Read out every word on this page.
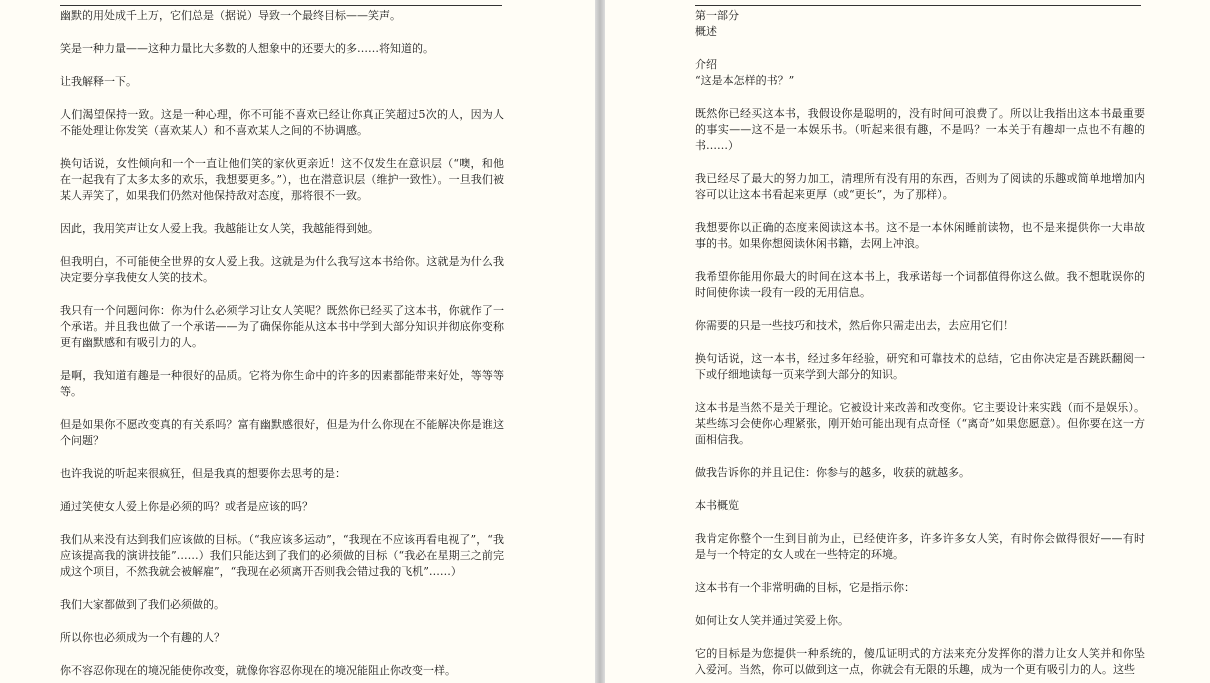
幽默的用处成千上万，它们总是（据说）导致一个最终目标——笑声。

笑是一种力量——这种力量比大多数的人想象中的还要大的多……将知道的。

让我解释一下。

人们渴望保持一致。这是一种心理，你不可能不喜欢已经让你真正笑超过5次的人，因为人不能处理让你发笑（喜欢某人）和不喜欢某人之间的不协调感。

换句话说，女性倾向和一个一直让他们笑的家伙更亲近！这不仅发生在意识层（“噢，和他在一起我有了太多太多的欢乐，我想要更多。”），也在潜意识层（维护一致性）。一旦我们被某人弄笑了，如果我们仍然对他保持敌对态度，那将很不一致。

因此，我用笑声让女人爱上我。我越能让女人笑，我越能得到她。

但我明白，不可能使全世界的女人爱上我。这就是为什么我写这本书给你。这就是为什么我决定要分享我使女人笑的技术。

我只有一个问题问你：你为什么必须学习让女人笑呢？既然你已经买了这本书，你就作了一个承诺。并且我也做了一个承诺——为了确保你能从这本书中学到大部分知识并彻底你变称更有幽默感和有吸引力的人。

是啊，我知道有趣是一种很好的品质。它将为你生命中的许多的因素都能带来好处，等等等等。

但是如果你不愿改变真的有关系吗？富有幽默感很好，但是为什么你现在不能解决你是谁这个问题？

也许我说的听起来很疯狂，但是我真的想要你去思考的是：

通过笑使女人爱上你是必须的吗？或者是应该的吗？

我们从来没有达到我们应该做的目标。（“我应该多运动”，“我现在不应该再看电视了”，“我应该提高我的演讲技能”……）我们只能达到了我们的必须做的目标（“我必在星期三之前完成这个项目，不然我就会被解雇”，“我现在必须离开否则我会错过我的飞机”……）

我们大家都做到了我们必须做的。

所以你也必须成为一个有趣的人？

你不容忍你现在的境况能使你改变，就像你容忍你现在的境况能阻止你改变一样。

第一部分

概述

介绍

“这是本怎样的书？”

既然你已经买这本书，我假设你是聪明的，没有时间可浪费了。所以让我指出这本书最重要的事实——这不是一本娱乐书。（听起来很有趣，不是吗？一本关于有趣却一点也不有趣的书……）

我已经尽了最大的努力加工，清理所有没有用的东西，否则为了阅读的乐趣或简单地增加内容可以让这本书看起来更厚（或“更长”，为了那样）。

我想要你以正确的态度来阅读这本书。这不是一本休闲睡前读物，也不是来提供你一大串故事的书。如果你想阅读休闲书籍，去网上冲浪。

我希望你能用你最大的时间在这本书上，我承诺每一个词都值得你这么做。我不想耽误你的时间使你读一段有一段的无用信息。

你需要的只是一些技巧和技术，然后你只需走出去，去应用它们！

换句话说，这一本书，经过多年经验，研究和可靠技术的总结，它由你决定是否跳跃翻阅一下或仔细地读每一页来学到大部分的知识。

这本书是当然不是关于理论。它被设计来改善和改变你。它主要设计来实践（而不是娱乐）。某些练习会使你心理紧张，刚开始可能出现有点奇怪（“离奇”如果您愿意）。但你要在这一方面相信我。

做我告诉你的并且记住：你参与的越多，收获的就越多。

本书概览

我肯定你整个一生到目前为止，已经使许多，许多许多女人笑，有时你会做得很好——有时是与一个特定的女人或在一些特定的环境。

这本书有一个非常明确的目标，它是指示你：

如何让女人笑并通过笑爱上你。

它的目标是为您提供一种系统的，傻瓜证明式的方法来充分发挥你的潜力让女人笑并和你坠入爱河。当然，你可以做到这一点，你就会有无限的乐趣，成为一个更有吸引力的人。这些
